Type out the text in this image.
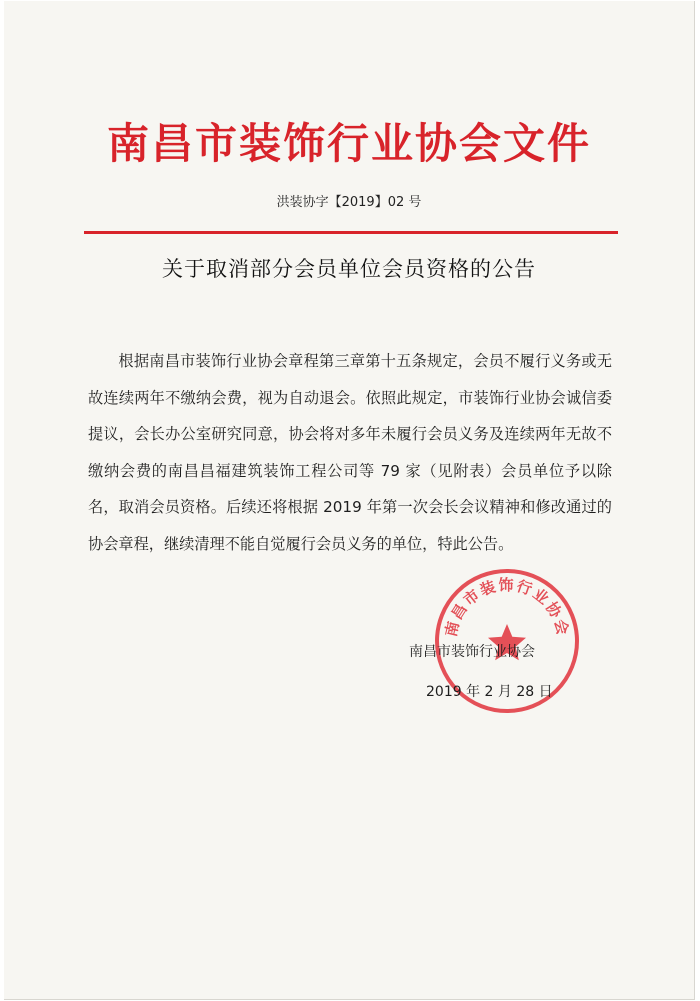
南昌市装饰行业协会文件
洪装协字【2019】02 号
关于取消部分会员单位会员资格的公告

根据南昌市装饰行业协会章程第三章第十五条规定，会员不履行义务或无故连续两年不缴纳会费，视为自动退会。依照此规定，市装饰行业协会诚信委提议，会长办公室研究同意，协会将对多年未履行会员义务及连续两年无故不缴纳会费的南昌昌福建筑装饰工程公司等 79 家（见附表）会员单位予以除名，取消会员资格。后续还将根据 2019 年第一次会长会议精神和修改通过的协会章程，继续清理不能自觉履行会员义务的单位，特此公告。

南昌市装饰行业协会
南昌市装饰行业协会
2019 年 2 月 28 日
